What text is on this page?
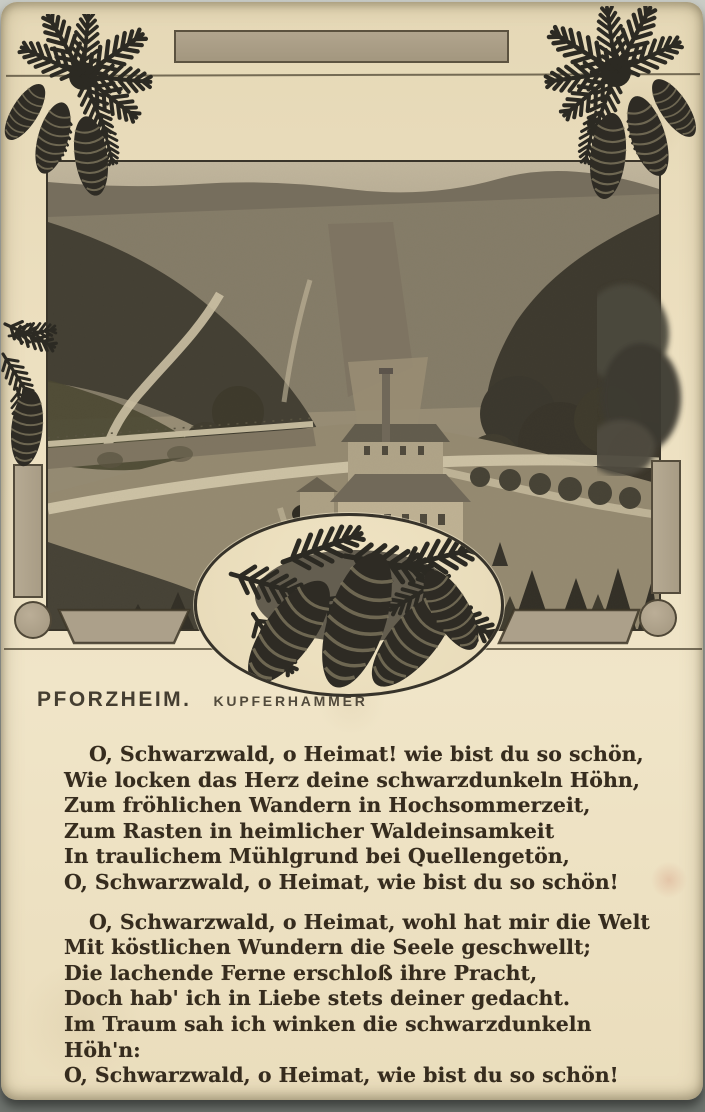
PFORZHEIM. KUPFERHAMMER
O, Schwarzwald, o Heimat! wie bist du so schön,
Wie locken das Herz deine schwarzdunkeln Höhn,
Zum fröhlichen Wandern in Hochsommerzeit,
Zum Rasten in heimlicher Waldeinsamkeit
In traulichem Mühlgrund bei Quellengetön,
O, Schwarzwald, o Heimat, wie bist du so schön!
O, Schwarzwald, o Heimat, wohl hat mir die Welt
Mit köstlichen Wundern die Seele geschwellt;
Die lachende Ferne erschloß ihre Pracht,
Doch hab' ich in Liebe stets deiner gedacht.
Im Traum sah ich winken die schwarzdunkeln Höh'n:
O, Schwarzwald, o Heimat, wie bist du so schön!
